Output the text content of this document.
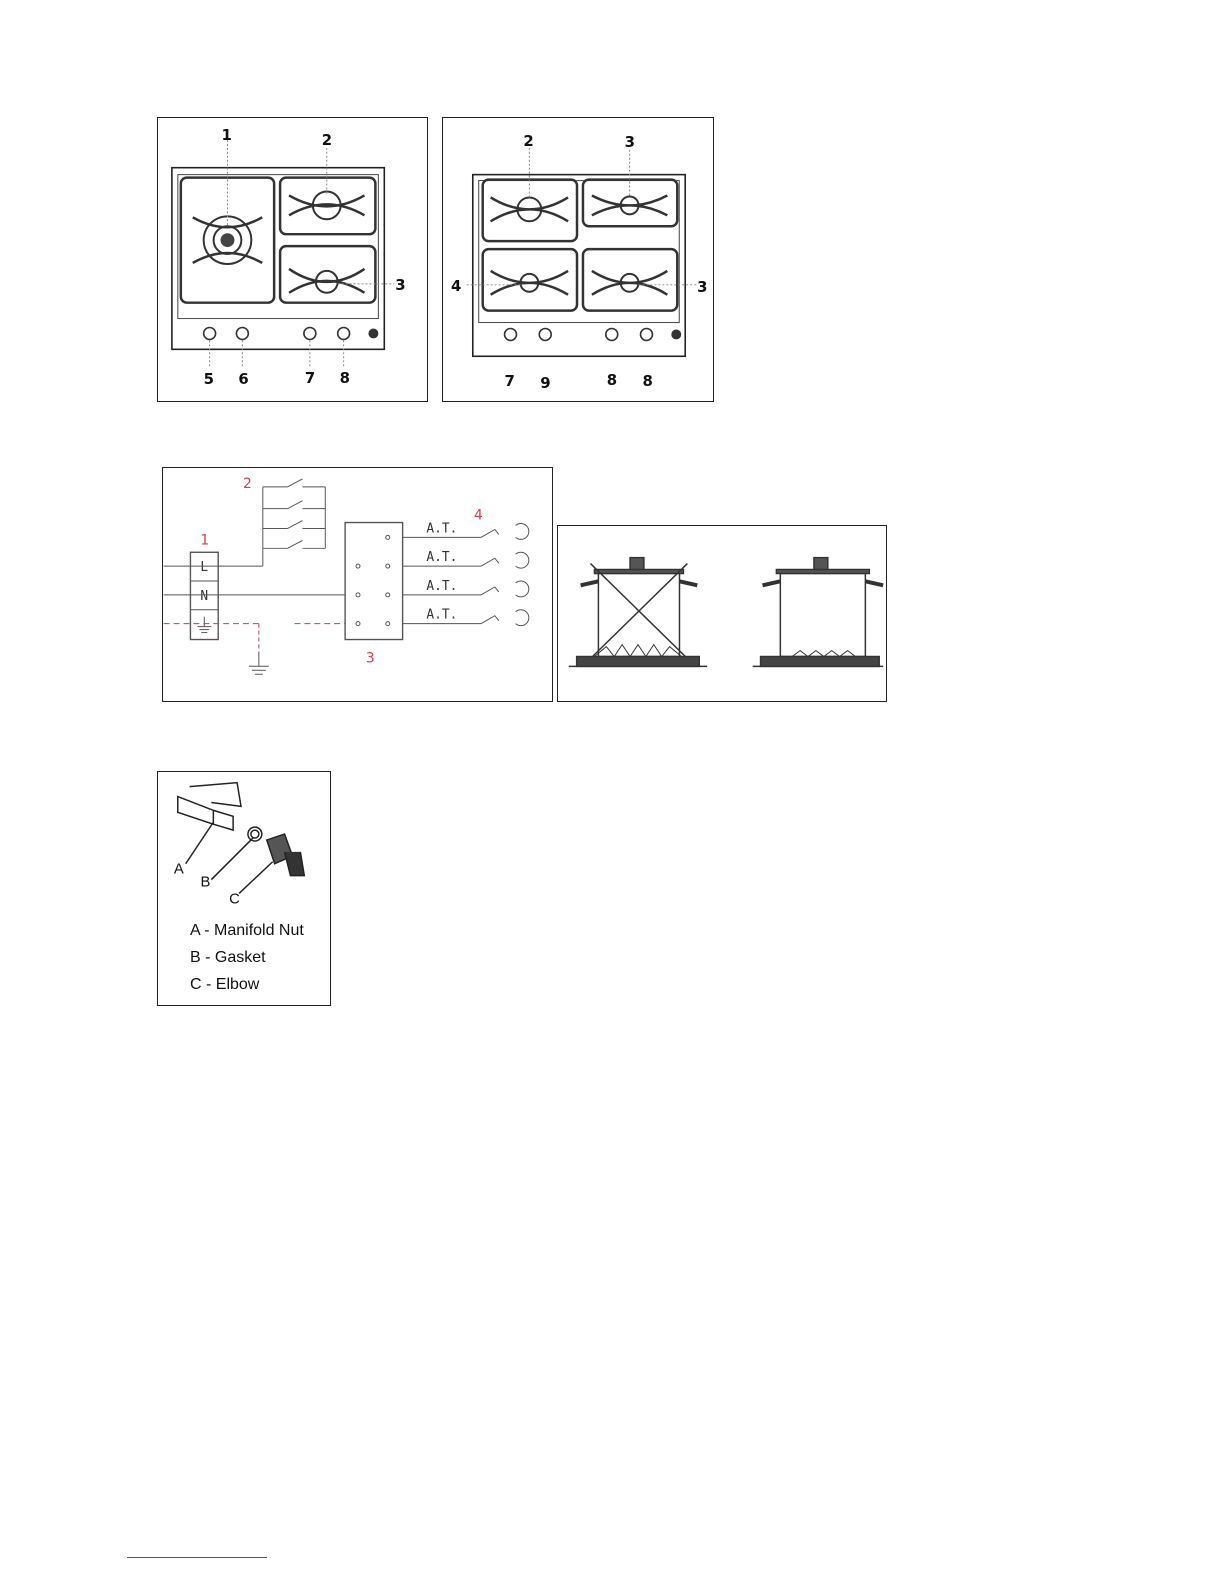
1	2
3
5 6	7 8
2	3
4	3
7 9	8 8
L
N
A.T.
A.T.
A.T.
A.T.
1
2
3
4
A
B
C
A - Manifold Nut
B - Gasket
C - Elbow
